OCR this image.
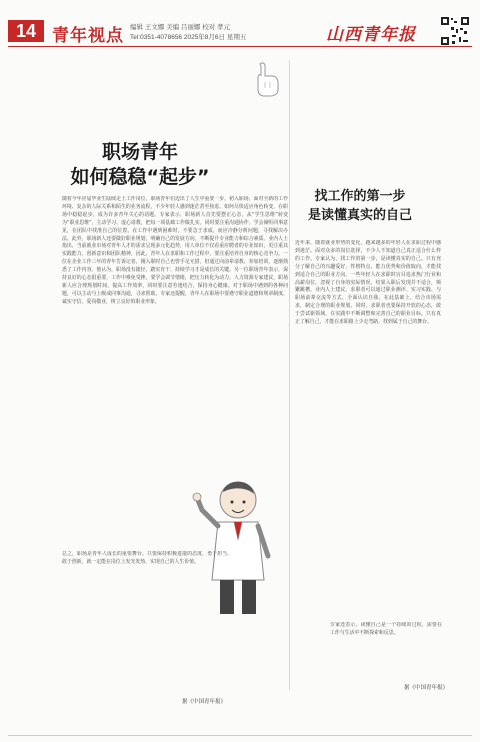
14 青年视点 编辑 王文娜 美编 吕丽娜 校对 孝元
Tel:0351-4078656 2025年8月6日 星期五	山西青年报
职场青年
如何稳稳“起步”
随着今年应届毕业生陆续走上工作岗位，职场青年们迈出了人生中重要一步。初入职场，面对全新的工作环境、复杂的人际关系和陌生的业务流程，不少年轻人感到迷茫甚至焦虑。如何尽快适应角色转变，在职场中稳稳起步，成为许多青年关心的话题。专家表示，职场新人首先要摆正心态，从“学生思维”转变为“职业思维”，主动学习、虚心请教，把每一项基础工作做扎实。同时要注重沟通协作，学会倾听同事意见，在团队中找准自己的位置。在工作中遇到困难时，不要急于求成，而应冷静分析问题，寻找解决办法。此外，职场新人还要做好职业规划，明确自己的发展方向，不断提升专业能力和综合素质。业内人士指出，当前就业市场对青年人才的需求呈现多元化趋势，用人单位不仅看重应聘者的专业知识，更注重其实践能力、创新意识和团队精神。因此，青年人在求职和工作过程中，要注重培养自身的核心竞争力。一位在企业工作三年的青年告诉记者，刚入职时自己也曾手足无措，但通过向前辈请教、参加培训，逐渐熟悉了工作内容。他认为，职场没有捷径，踏实肯干、持续学习才是成长的关键。另一位职场青年表示，保持良好的心态很重要，工作中难免受挫，要学会调节情绪，把压力转化为动力。人力资源专家建议，职场新人应合理规划时间，提高工作效率，同时要注意劳逸结合，保持身心健康。对于职场中遇到的各种问题，可以主动与上级或同事沟通，寻求帮助。专家还提醒，青年人在职场中要遵守职业道德和规章制度，诚实守信、爱岗敬业，树立良好的职业形象。
总之，职场是青年人成长的重要舞台。只要保持积极进取的态度，勇于担当、敢于创新，就一定能在岗位上发光发热，实现自己的人生价值。
据《中国青年报》
找工作的第一步
是读懂真实的自己
近年来，随着就业形势的变化，越来越多的年轻人在求职过程中感到迷茫。面对众多的岗位选择，不少人不知道自己真正适合什么样的工作。专家认为，找工作的第一步，是读懂真实的自己。只有充分了解自己的兴趣爱好、性格特点、能力优势和价值取向，才能找到适合自己的职业方向。一些年轻人在求职时盲目追求热门行业和高薪岗位，忽视了自身的实际情况，结果入职后发现并不适合，频繁跳槽。业内人士建议，求职者可以通过职业测评、实习实践、与职场前辈交流等方式，全面认识自我。在此基础上，结合市场需求，制定合理的职业规划。同时，求职者也要保持开放的心态，敢于尝试新领域，在实践中不断调整和完善自己的职业目标。只有真正了解自己，才能在求职路上少走弯路，找到属于自己的舞台。
专家还表示，读懂自己是一个持续的过程，需要在工作与生活中不断探索和反思。
据《中国青年报》
